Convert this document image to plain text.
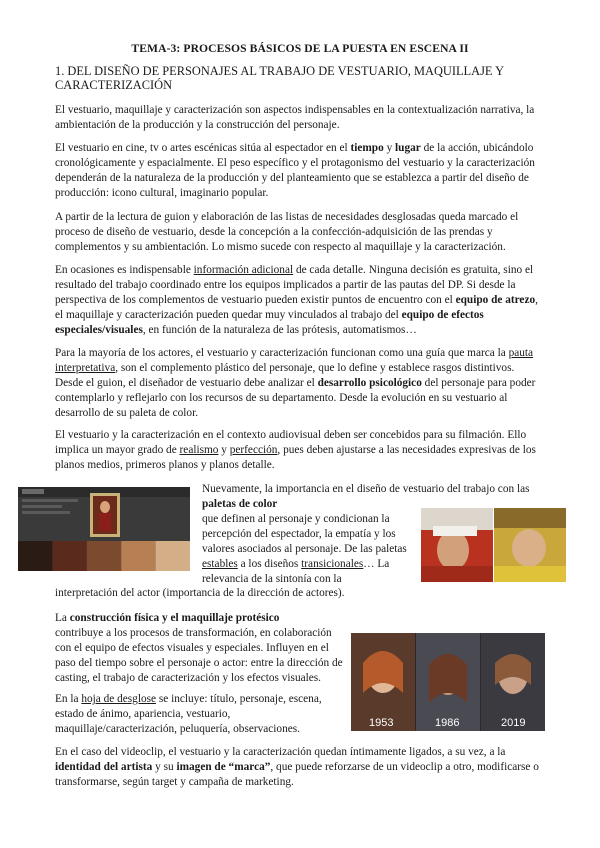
TEMA-3: PROCESOS BÁSICOS DE LA PUESTA EN ESCENA II
1. DEL DISEÑO DE PERSONAJES AL TRABAJO DE VESTUARIO, MAQUILLAJE Y CARACTERIZACIÓN

El vestuario, maquillaje y caracterización son aspectos indispensables en la contextualización narrativa, la ambientación de la producción y la construcción del personaje.

El vestuario en cine, tv o artes escénicas sitúa al espectador en el tiempo y lugar de la acción, ubicándolo cronológicamente y espacialmente. El peso específico y el protagonismo del vestuario y la caracterización dependerán de la naturaleza de la producción y del planteamiento que se establezca a partir del diseño de producción: icono cultural, imaginario popular.

A partir de la lectura de guion y elaboración de las listas de necesidades desglosadas queda marcado el proceso de diseño de vestuario, desde la concepción a la confección-adquisición de las prendas y complementos y su ambientación. Lo mismo sucede con respecto al maquillaje y la caracterización.

En ocasiones es indispensable información adicional de cada detalle. Ninguna decisión es gratuita, sino el resultado del trabajo coordinado entre los equipos implicados a partir de las pautas del DP. Si desde la perspectiva de los complementos de vestuario pueden existir puntos de encuentro con el equipo de atrezo, el maquillaje y caracterización pueden quedar muy vinculados al trabajo del equipo de efectos especiales/visuales, en función de la naturaleza de las prótesis, automatismos…

Para la mayoría de los actores, el vestuario y caracterización funcionan como una guía que marca la pauta interpretativa, son el complemento plástico del personaje, que lo define y establece rasgos distintivos. Desde el guion, el diseñador de vestuario debe analizar el desarrollo psicológico del personaje para poder contemplarlo y reflejarlo con los recursos de su departamento. Desde la evolución en su vestuario al desarrollo de su paleta de color.

El vestuario y la caracterización en el contexto audiovisual deben ser concebidos para su filmación. Ello implica un mayor grado de realismo y perfección, pues deben ajustarse a las necesidades expresivas de los planos medios, primeros planos y planos detalle.

Nuevamente, la importancia en el diseño de vestuario del trabajo con las paletas de color

que definen al personaje y condicionan la percepción del espectador, la empatía y los valores asociados al personaje. De las paletas estables a los diseños transicionales… La relevancia de la sintonía con la

interpretación del actor (importancia de la dirección de actores).

La construcción física y el maquillaje protésico

contribuye a los procesos de transformación, en colaboración con el equipo de efectos visuales y especiales. Influyen en el paso del tiempo sobre el personaje o actor: entre la dirección de casting, el trabajo de caracterización y los efectos visuales.

1953	1986	2019

En la hoja de desglose se incluye: título, personaje, escena, estado de ánimo, apariencia, vestuario, maquillaje/caracterización, peluquería, observaciones.

En el caso del videoclip, el vestuario y la caracterización quedan íntimamente ligados, a su vez, a la identidad del artista y su imagen de “marca”, que puede reforzarse de un videoclip a otro, modificarse o transformarse, según target y campaña de marketing.
